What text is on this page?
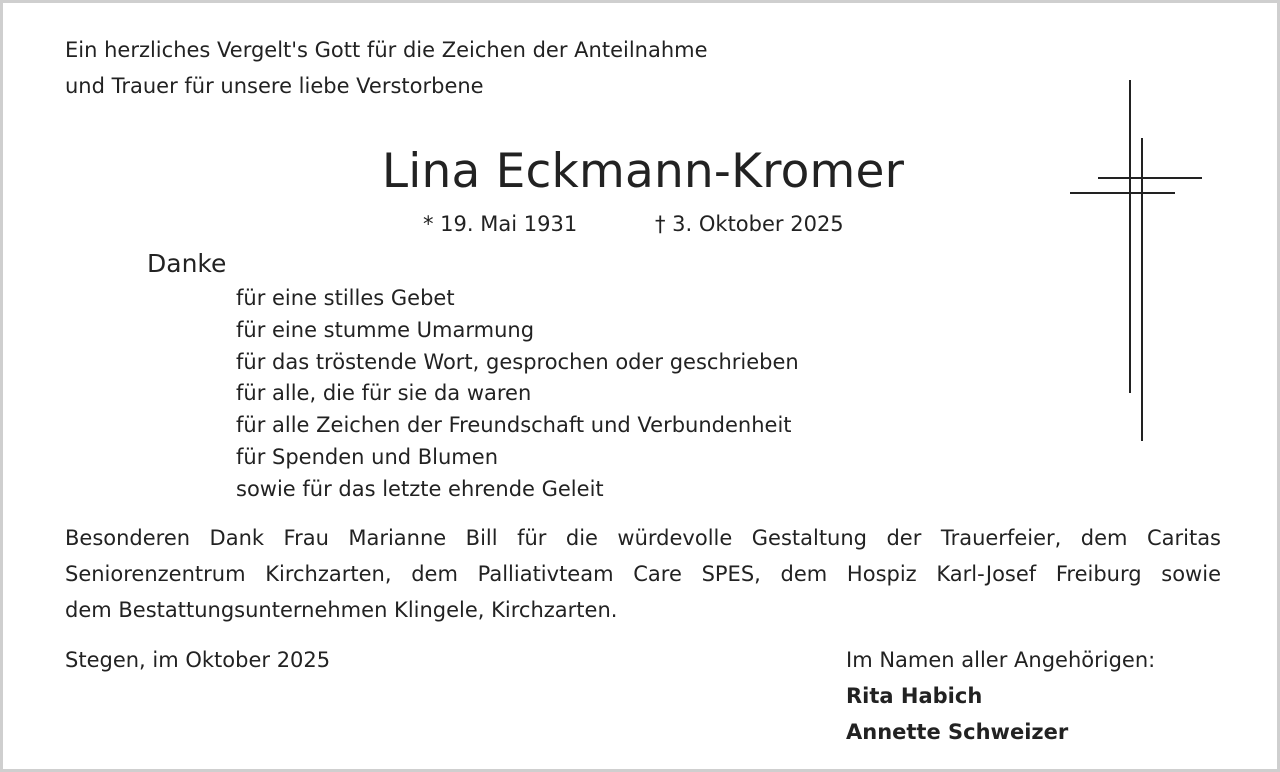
Ein herzliches Vergelt's Gott für die Zeichen der Anteilnahme
und Trauer für unsere liebe Verstorbene
Lina Eckmann-Kromer
* 19. Mai 1931	† 3. Oktober 2025
Danke
für eine stilles Gebet
für eine stumme Umarmung
für das tröstende Wort, gesprochen oder geschrieben
für alle, die für sie da waren
für alle Zeichen der Freundschaft und Verbundenheit
für Spenden und Blumen
sowie für das letzte ehrende Geleit
Besonderen Dank Frau Marianne Bill für die würdevolle Gestaltung der Trauerfeier, dem Caritas
Seniorenzentrum Kirchzarten, dem Palliativteam Care SPES, dem Hospiz Karl-Josef Freiburg sowie
dem Bestattungsunternehmen Klingele, Kirchzarten.
Stegen, im Oktober 2025	Im Namen aller Angehörigen:
Rita Habich
Annette Schweizer
